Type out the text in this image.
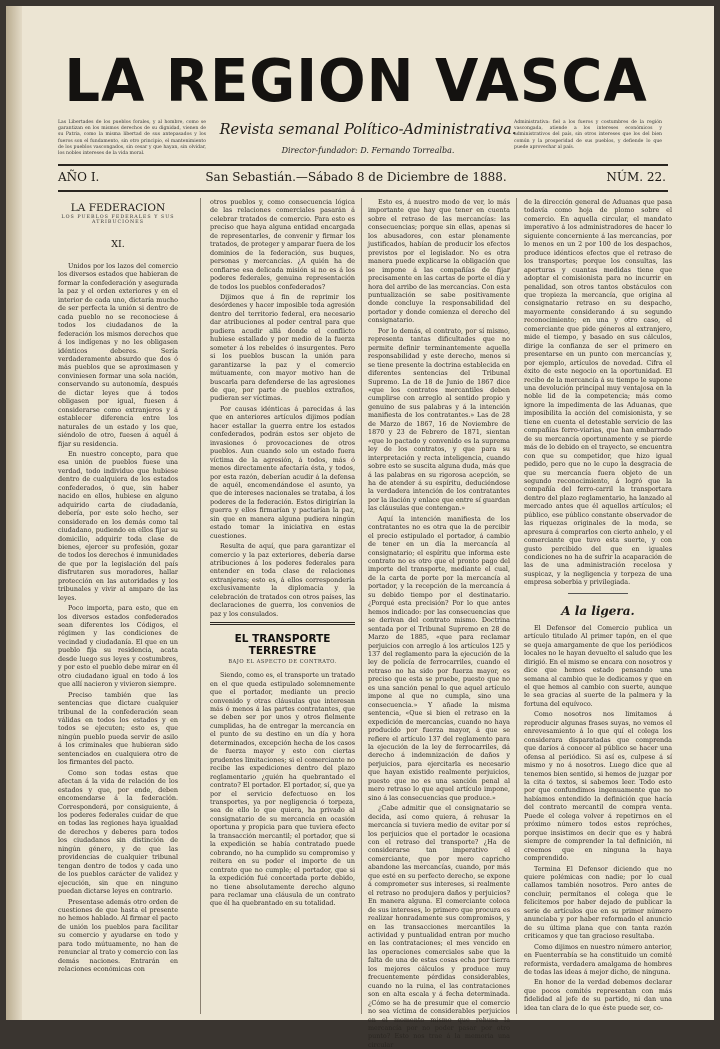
LA REGION VASCA
Las Libertades de los pueblos forales, y al hombre, como se garantizan en los mismos derechos de su dignidad, vienen de su Patria, como la misma libertad de sus antepasados y los fueros son el fundamento, sin otro principio, el mantenimiento de los pueblos vascongados, sin cesar y que hayan, sin olvidar, los nobles intereses de la vida moral.
Revista semanal Político-Administrativa.
Director-fundador: D. Fernando Torrealba.
Administrativa: fiel a los fueros y costumbres de la región vascongada, atiende a los intereses económicos y administrativos del país, sin otros intereses que los del bien común y la prosperidad de sus pueblos, y defiende lo que puede aprovechar al país.
AÑO I.	San Sebastián.—Sábado 8 de Diciembre de 1888.	NÚM. 22.
LA FEDERACION
LOS PUEBLOS FEDERALES Y SUS ATRIBUCIONES
XI.

Unidos por los lazos del comercio los diversos estados que habieran de formar la confederación y asegurada la paz y el orden exteriores y en el interior de cada uno, dictaría mucho de ser perfecta la unión si dentro de cada pueblo no se reconociese á todos los ciudadanos de la federación los mismos derechos que á los indígenas y no les obligasen idénticos deberes. Sería verdaderamente absurdo que dos ó más pueblos que se aproximasen y conviniesen formar una sola nación, conservando su autonomía, después de dictar leyes que á todos obligasen por igual, fuesen á considerarse como extranjeros y á establecer diferencia entre los naturales de un estado y los que, siéndolo de otro, fuesen á aquél á fijar su residencia.

En nuestro concepto, para que esa unión de pueblos fuese una verdad, todo individuo que hubiese dentro de cualquiera de los estados confederados, ó que, sin haber nacido en ellos, hubiese en alguno adquirido carta de ciudadanía, debería, por este solo hecho, ser considerado en los demás como tal ciudadano, pudiendo en ellos fijar su domicilio, adquirir toda clase de bienes, ejercer su profesión, gozar de todos los derechos é inmunidades de que por la legislación del país disfrutaren sus moradores, hallar protección en las autoridades y los tribunales y vivir al amparo de las leyes.

Poco importa, para esto, que en los diversos estados confederados sean diferentes los Códigos, el régimen y las condiciones de vecindad y ciudadanía. El que en un pueblo fija su residencia, acata desde luego sus leyes y costumbres, y por esto el pueblo debe mirar en él otro ciudadano igual en todo á los que allí nacieron y vivieron siempre.

Preciso también que las sentencias que dictare cualquier tribunal de la confederación sean válidas en todos los estados y en todos se ejecuten; esto es, que ningún pueblo pueda servir de asilo á los criminales que hubieran sido sentenciados en cualquiera otro de los firmantes del pacto.

Como son todas estas que afectan á la vida de relación de los estados y que, por ende, deben encomendarse á la federación. Corresponderá, por consiguiente, á los poderes federales cuidar de que en todas las regiones haya igualdad de derechos y deberes para todos los ciudadanos sin distinción de ningún género, y de que las providencias de cualquier tribunal tengan dentro de todos y cada uno de los pueblos carácter de validez y ejecución, sin que en ninguno puedan dictarse leyes en contrario.

Presentase además otro orden de cuestiones de que hasta el presente no hemos hablado. Al firmar el pacto de unión los pueblos para facilitar su comercio y ayudarse en todo y para todo mútuamente, no han de renunciar al trato y comercio con las demás naciones. Entrarán en relaciones económicas con

otros pueblos y, como consecuencia lógica de las relaciones comerciales pasarán á celebrar tratados de comercio. Para esto es preciso que haya alguna entidad encargada de representarles, de convenir y firmar los tratados, de proteger y amparar fuera de los dominios de la federación, sus buques, personas y mercancías. ¿A quién ha de confiarse esa delicada misión si no es á los poderes federales, genuina representación de todos los pueblos confederados?

Dijimos que á fin de reprimir los desórdenes y hacer imposible toda agresión dentro del territorio federal, era necesario dar atribuciones al poder central para que pudiera acudir allá donde el conflicto hubiese estallado y por medio de la fuerza someter á los rebeldes ó insurgentes. Pero si los pueblos buscan la unión para garantizarse la paz y el comercio mútuamente, con mayor motivo han de buscarla para defenderse de las agresiones de que, por parte de pueblos extraños, pudieran ser víctimas.

Por causas idénticas á parecidas á las que en anteriores artículos dijimos podían hacer estallar la guerra entre los estados confederados, podrán estos ser objeto de invasiones ó provocaciones de otros pueblos. Aun cuando solo un estado fuera víctima de la agresión, á todos, más ó menos directamente afectaría ésta, y todos, por esta razón, deberían acudir á la defensa de aquél, encomendándose el asunto, ya que de intereses nacionales se trataba, á los poderes de la federación. Estos dirigirían la guerra y ellos firmarían y pactarían la paz, sin que en manera alguna pudiera ningún estado tomar la iniciativa en estas cuestiones.

Resulta de aquí, que para garantizar el comercio y la paz exteriores, debería darse atribuciones á los poderes federales para entender en toda clase de relaciones extranjeras; esto es, á ellos correspondería exclusivamente la diplomacia y la celebración de tratados con otros países, las declaraciones de guerra, los convenios de paz y los consulados.

EL TRANSPORTE TERRESTRE
BAJO EL ASPECTO DE CONTRATO.

Siendo, como es, el transporte un tratado en el que queda estipulado solemnemente que el portador, mediante un precio convenido y otras cláusulas que interesan más ó menos á las partes contratantes, que se deben ser por unos y otros fielmente cumplidas, ha de entregar la mercancía en el punto de su destino en un día y hora determinados, excepción hecha de los casos de fuerza mayor y esto con ciertas prudentes limitaciones; si el comerciante no recibe las expediciones dentro del plazo reglamentario ¿quién ha quebrantado el contrato? El portador. El portador, sí, que ya por el servicio defectuoso en los transportes, ya por negligencia ó torpeza, sea de ello lo que quiera, ha privado al consignatario de su mercancía en ocasión oportuna y propicia para que tuviera efecto la transacción mercantil; el portador, que si la expedición se había contratado puede cobrando, no ha cumplido su compromiso y reitera en su poder el importe de un contrato que no cumple; el portador, que si la expedición fué concertada porte debido, no tiene absolutamente derecho alguno para reclamar una cláusula de un contrato que él ha quebrantado en su totalidad.

Esto es, á nuestro modo de ver, lo más importante que hay que tener en cuenta sobre el retraso de las mercancías: las consecuencias; porque sin ellas, apenas si los abusadores, con estar plenamente justificados, habían de producir los efectos previstos por el legislador. No es otra manera puede explicarse la obligación que se impone á las compañías de fijar precisamente en las cartas de porte el día y hora del arribo de las mercancías. Con esta puntualización se sabe positivamente donde concluye la responsabilidad del portador y donde comienza el derecho del consignatario.

Por lo demás, el contrato, por sí mismo, representa tantas dificultades que no permite definir terminantemente aquella responsabilidad y este derecho, menos si se tiene presente la doctrina establecida en diferentes sentencias del Tribunal Supremo. La de 18 de Junio de 1867 dice «que los contratos mercantiles deben cumplirse con arreglo al sentido propio y genuino de sus palabras y á la intención manifiesta de los contratantes.» Las de 28 de Marzo de 1867, 16 de Noviembre de 1870 y 23 de Febrero de 1871, sientan «que lo pactado y convenido es la suprema ley de los contratos, y que para su interpretación y recta inteligencia, cuando sobre esto se suscita alguna duda, más que á las palabras en su rigorosa acepción, se ha de atender á su espíritu, deduciéndose la verdadera intención de los contratantes por la ilación y enlace que entre sí guardan las cláusulas que contengan.»

Aquí la intención manifiesta de los contratantes no es otra que la de percibir el precio estipulado el portador, á cambio de tener en un día la mercancía al consignatario; el espíritu que informa este contrato no es otro que el pronto pago del importe del transporte, mediante el cual, de la carta de porte por la mercancía al portador, y la recepción de la mercancía á su debido tiempo por el destinatario. ¿Porqué esta precisión? Por lo que antes hemos indicado: por las consecuencias que se derivan del contrato mismo. Doctrina sentada por el Tribunal Supremo en 28 de Marzo de 1885, «que para reclamar perjuicios con arreglo á los artículos 125 y 137 del reglamento para la ejecución de la ley de policía de ferrocarriles, cuando el retraso no ha sido por fuerza mayor, es preciso que esta se pruebe, puesto que no es una sanción penal lo que aquel artículo impone al que no cumpla, sino una consecuencia.» Y añade la misma sentencia, «Que si bien el retraso en la expedición de mercancías, cuando no haya producido por fuerza mayor, á que se refiere el artículo 137 del reglamento para la ejecución de la ley de ferrocarriles, dá derecho á indemnización de daños y perjuicios, para ejercitarla es necesario que hayan existido realmente perjuicios, puesto que no es una sanción penal al mero retraso lo que aquel artículo impone, sino á las consecuencias que produce.»

¿Cabe admitir que el consignatario se decida, así como quiera, á rehusar la mercancía si tuviera medio de evitar por sí los perjuicios que el portador le ocasiona con el retraso del transporte? ¿Ha de considerarse tan imperativo el comerciante, que por mero capricho abandone las mercancías, cuando, por más que esté en su perfecto derecho, se expone á comprometer sus intereses, si realmente el retraso no produjera daños y perjuicios? En manera alguna. El comerciante coloca de sus intereses, lo primero que procura es realizar honradamente sus compromisos, y en las transacciones mercantiles la actividad y puntualidad entran por mucho en las contrataciones; el mes vencido en las operaciones comerciales sabe que la falta de una de estas cosas echa por tierra los mejores cálculos y produce muy frecuentemente pérdidas considerables, cuando no la ruina, el las contrataciones son en alta escala y á fecha determinada. ¿Cómo se ha de presumir que el comercio no sea víctima de considerables perjuicios en el momento mismo que rehusa la mercancía por no poder pasar por otro punto? Esto nos trae á la memoria una circular

de la dirección general de Aduanas que pasa todavía como hoja de plomo sobre el comercio. En aquella circular, el mandato imperativo á los administradores de hacer lo siguiente concerniente á las mercancías, por lo menos en un 2 por 100 de los despachos, produce idénticos efectos que el retraso de los transportes; porque los consultas, las aperturas y cuantas medidas tiene que adoptar el comisionista para no incurrir en penalidad, son otros tantos obstáculos con que tropieza la mercancía, que origina al consignatario retraso en su despacho, mayormente considerando á su segundo reconocimiento; en una y otro caso, el comerciante que pide géneros al extranjero, mide el tiempo, y basado en sus cálculos, dirige la confianza de ser el primero en presentarse en un punto con mercancías y, por ejemplo, artículos de novedad. Cifra el éxito de este negocio en la oportunidad. El recibo de la mercancía á su tiempo le supone una devolución principal muy ventajosa en la noble lid de la competencia; más como ignore la impedimenta de las Aduanas, que imposibilita la acción del comisionista, y se tiene en cuenta el detestable servicio de las compañías ferro-viarias, que han embarrado de su mercancía oportunamente y se pierde más de lo debido en el trayecto, se encuentra con que su competidor, que hizo igual pedido, pero que no le cupo la desgracia de que su mercancía fuera objeto de un segundo reconocimiento, á logró que la compañía del ferro-carril la transportara dentro del plazo reglamentario, ha lanzado al mercado antes que él aquellos artículos; el público, ese público constante observador de las riquezas originales de la moda, se apresura á comprarlos con cierto anhelo, y el comerciante que tuvo esta suerte, y con gusto percibido del que en iguales condiciones no ha de sufrir la acaparación de las de una administración recelosa y suspicaz, y la negligencia y torpeza de una empresa soberbia y privilegiada.

A la ligera.

El Defensor del Comercio publica un artículo titulado Al primer tapón, en el que se queja amargamente de que los periódicos locales no le hayan devuelto el saludo que les dirigió. En el mismo se encara con nosotros y dice que hemos estado pensando una semana al cambio que le dedicamos y que en el que hemos al cambio con suerte, aunque le sea gracias al suerte de la palmera y la fortuna del equívoco.

Como nosotros nos limitamos á reproducir algunas frases suyas, no vemos el enrevesamiento á lo que quí el colega los considerara disparatadas que comprenda que daríos á conocer al público se hacer una ofensa al periódico. Si así es, culpese á sí mismo y no á nosotros. Luego dice que al tenemos bien sentido, si hemos de juzgar por la cita ó textos, si sabemos leer. Todo esto por que confundimos ingenuamente que no habíamos entendido la definición que hacía del contrato mercantil de compra venta. Puede el colega volver á repetirnos en el próximo número todos estos repróches, porque insistimos en decir que es y habrá siempre de comprender la tal definición, ni creemos que en ninguna la haya comprendido.

Termina El Defensor diciendo que no quiere polémicas con nadie; por lo cual callamos también nosotros. Pero antes de concluir, permítanos el colega que le felicitemos por haber dejado de publicar la serie de artículos que en su primer número anunciaba y por haber reformado el anuncio de su última plana que con tanta razón criticamos y que tan gracioso resultaba.

Como dijimos en nuestro número anterior, en Fuenterrabía se ha constituido un comité reformista, verdadera amalgama de hombres de todas las ideas á mejor dicho, de ninguna.

En honor de la verdad debemos declarar que pocos comités representan con más fidelidad al jefe de su partido, ni dan una idea tan clara de lo que éste puede ser, co-
